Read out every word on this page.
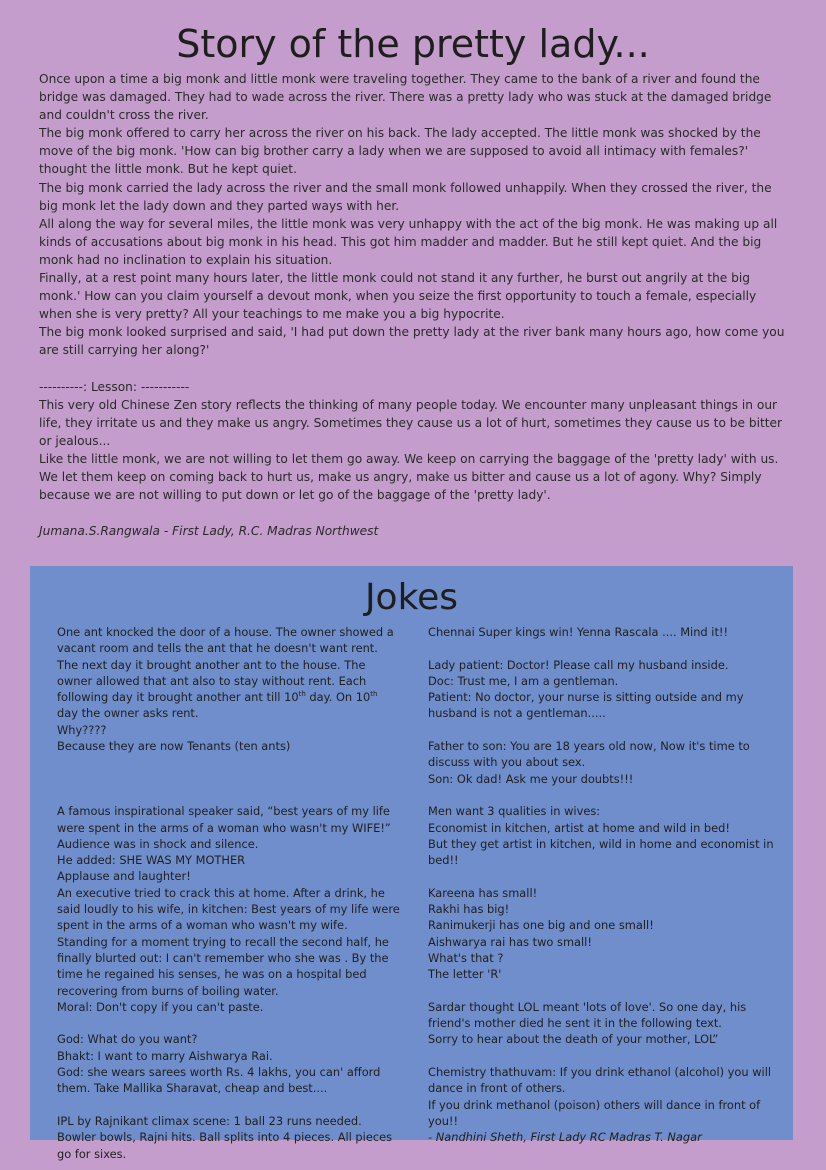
Story of the pretty lady...

Once upon a time a big monk and little monk were traveling together. They came to the bank of a river and found the bridge was damaged. They had to wade across the river. There was a pretty lady who was stuck at the damaged bridge and couldn't cross the river.

The big monk offered to carry her across the river on his back. The lady accepted. The little monk was shocked by the move of the big monk. 'How can big brother carry a lady when we are supposed to avoid all intimacy with females?' thought the little monk. But he kept quiet.

The big monk carried the lady across the river and the small monk followed unhappily. When they crossed the river, the big monk let the lady down and they parted ways with her.

All along the way for several miles, the little monk was very unhappy with the act of the big monk. He was making up all kinds of accusations about big monk in his head. This got him madder and madder. But he still kept quiet. And the big monk had no inclination to explain his situation.

Finally, at a rest point many hours later, the little monk could not stand it any further, he burst out angrily at the big monk.' How can you claim yourself a devout monk, when you seize the first opportunity to touch a female, especially when she is very pretty? All your teachings to me make you a big hypocrite.

The big monk looked surprised and said, 'I had put down the pretty lady at the river bank many hours ago, how come you are still carrying her along?'

----------: Lesson: -----------

This very old Chinese Zen story reflects the thinking of many people today. We encounter many unpleasant things in our life, they irritate us and they make us angry. Sometimes they cause us a lot of hurt, sometimes they cause us to be bitter or jealous...

Like the little monk, we are not willing to let them go away. We keep on carrying the baggage of the 'pretty lady' with us. We let them keep on coming back to hurt us, make us angry, make us bitter and cause us a lot of agony. Why? Simply because we are not willing to put down or let go of the baggage of the 'pretty lady'.

Jumana.S.Rangwala - First Lady, R.C. Madras Northwest

Jokes

One ant knocked the door of a house. The owner showed a vacant room and tells the ant that he doesn't want rent. The next day it brought another ant to the house. The owner allowed that ant also to stay without rent. Each following day it brought another ant till 10th day. On 10th day the owner asks rent.

Why????

Because they are now Tenants (ten ants)

A famous inspirational speaker said, “best years of my life were spent in the arms of a woman who wasn't my WIFE!”

Audience was in shock and silence.

He added: SHE WAS MY MOTHER

Applause and laughter!

An executive tried to crack this at home. After a drink, he said loudly to his wife, in kitchen: Best years of my life were spent in the arms of a woman who wasn't my wife.

Standing for a moment trying to recall the second half, he finally blurted out: I can't remember who she was . By the time he regained his senses, he was on a hospital bed recovering from burns of boiling water.

Moral: Don't copy if you can't paste.

God: What do you want?

Bhakt: I want to marry Aishwarya Rai.

God: she wears sarees worth Rs. 4 lakhs, you can' afford them. Take Mallika Sharavat, cheap and best....

IPL by Rajnikant climax scene: 1 ball 23 runs needed. Bowler bowls, Rajni hits. Ball splits into 4 pieces. All pieces go for sixes.

Chennai Super kings win! Yenna Rascala .... Mind it!!

Lady patient: Doctor! Please call my husband inside.

Doc: Trust me, I am a gentleman.

Patient: No doctor, your nurse is sitting outside and my husband is not a gentleman.....

Father to son: You are 18 years old now, Now it's time to discuss with you about sex.

Son: Ok dad! Ask me your doubts!!!

Men want 3 qualities in wives:

Economist in kitchen, artist at home and wild in bed!

But they get artist in kitchen, wild in home and economist in bed!!

Kareena has small!

Rakhi has big!

Ranimukerji has one big and one small!

Aishwarya rai has two small!

What's that ?

The letter 'R'

Sardar thought LOL meant 'lots of love'. So one day, his friend's mother died he sent it in the following text.

Sorry to hear about the death of your mother, LOL”

Chemistry thathuvam: If you drink ethanol (alcohol) you will dance in front of others.

If you drink methanol (poison) others will dance in front of you!!

- Nandhini Sheth, First Lady RC Madras T. Nagar
